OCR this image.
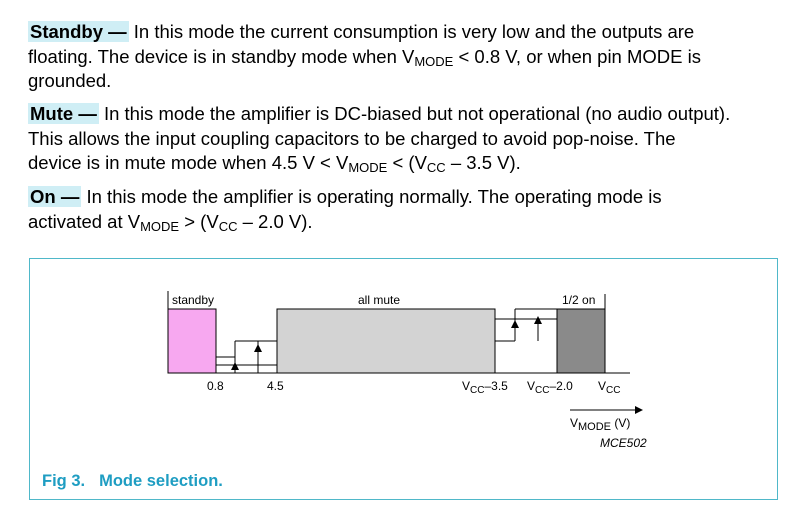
Standby — In this mode the current consumption is very low and the outputs are
floating. The device is in standby mode when $V_{MODE} < 0.8$ V, or when pin MODE is
grounded.
Mute — In this mode the amplifier is DC-biased but not operational (no audio output).
This allows the input coupling capacitors to be charged to avoid pop-noise. The
device is in mute mode when 4.5 $V < V_{MODE} < (V_{CC} - 3.5$ V).
On — In this mode the amplifier is operating normally. The operating mode is
activated at $V_{MODE} > (V_{CC} - 2.0$ V).
standby	all mute	1/2 on
0.8	4.5	$V_{CC}-3.5$ $V_{CC}-2.0$ $V_{CC}$
VMODE (V)
MCE502
Fig 3. Mode selection.
